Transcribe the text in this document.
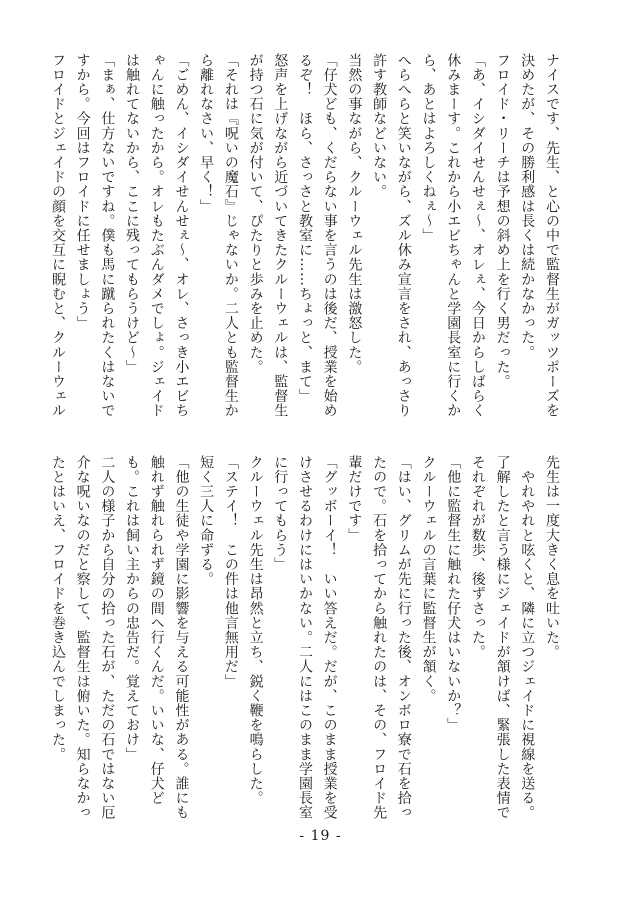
ナイスです、先生、と心の中で監督生がガッツポーズを
決めたが、その勝利感は長くは続かなかった。
フロイド・リーチは予想の斜め上を行く男だった。
「あ、イシダイせんせぇ～、オレぇ、今日からしばらく
休みまーす。これから小エビちゃんと学園長室に行くか
ら、あとはよろしくねぇ～」
へらへらと笑いながら、ズル休み宣言をされ、あっさり
許す教師などいない。
当然の事ながら、クルーウェル先生は激怒した。
「仔犬ども、くだらない事を言うのは後だ、授業を始め
るぞ！　ほら、さっさと教室に……ちょっと、まて」
怒声を上げながら近づいてきたクルーウェルは、監督生
が持つ石に気が付いて、ぴたりと歩みを止めた。
「それは『呪いの魔石』じゃないか。二人とも監督生か
ら離れなさい、早く！」
「ごめん、イシダイせんせぇ～、オレ、さっき小エビち
ゃんに触ったから。オレもたぶんダメでしょ。ジェイド
は触れてないから、ここに残ってもらうけど～」
「まぁ、仕方ないですね。僕も馬に蹴られたくはないで
すから。今回はフロイドに任せましょう」
フロイドとジェイドの顔を交互に睨むと、クルーウェル
先生は一度大きく息を吐いた。
　やれやれと呟くと、隣に立つジェイドに視線を送る。
了解したと言う様にジェイドが頷けば、緊張した表情で
それぞれが数歩、後ずさった。
「他に監督生に触れた仔犬はいないか？」
クルーウェルの言葉に監督生が頷く。
「はい、グリムが先に行った後、オンボロ寮で石を拾っ
たので。石を拾ってから触れたのは、その、フロイド先
輩だけです」
「グッボーイ！　いい答えだ。だが、このまま授業を受
けさせるわけにはいかない。二人にはこのまま学園長室
に行ってもらう」
クルーウェル先生は昂然と立ち、鋭く鞭を鳴らした。
「ステイ！　この件は他言無用だ」
短く三人に命ずる。
「他の生徒や学園に影響を与える可能性がある。誰にも
触れず触れられず鏡の間へ行くんだ。いいな、仔犬ど
も。これは飼い主からの忠告だ。覚えておけ」
二人の様子から自分の拾った石が、ただの石ではない厄
介な呪いなのだと察して、監督生は俯いた。知らなかっ
たとはいえ、フロイドを巻き込んでしまった。
- 19 -
